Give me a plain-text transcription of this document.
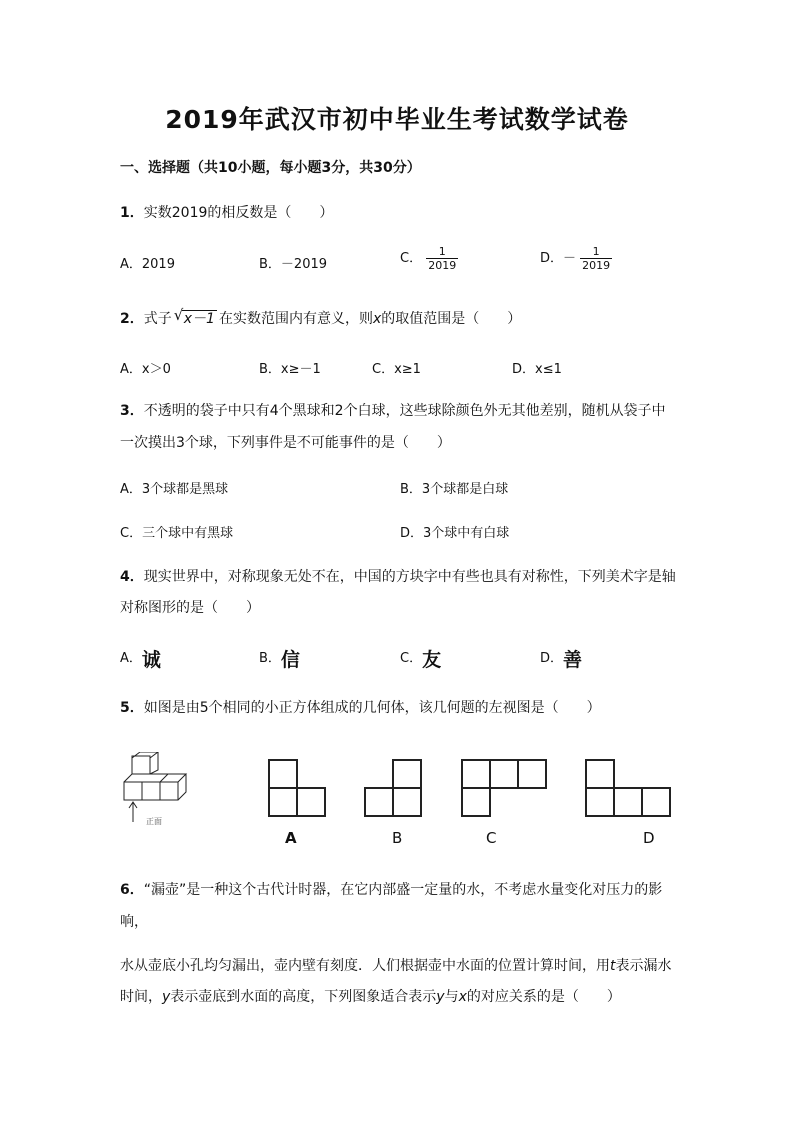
2019年武汉市初中毕业生考试数学试卷
一、选择题（共10小题，每小题3分，共30分）
1．实数2019的相反数是（　　）
A．2019	B．－2019	C． $\frac{1}{2019}$	D．－ $\frac{1}{2019}$
2．式子 √ x－1 在实数范围内有意义，则x的取值范围是（　　）
A．x＞0	B．x≥－1	C．x≥1	D．x≤1
3．不透明的袋子中只有4个黑球和2个白球，这些球除颜色外无其他差别，随机从袋子中
一次摸出3个球，下列事件是不可能事件的是（　　）
A．3个球都是黑球	B．3个球都是白球
C．三个球中有黑球	D．3个球中有白球
4．现实世界中，对称现象无处不在，中国的方块字中有些也具有对称性，下列美术字是轴
对称图形的是（　　）
A．诚	B．信	C．友	D．善
5．如图是由5个相同的小正方体组成的几何体，该几何题的左视图是（　　）
正面
A	B	C	D
6．“漏壶”是一种这个古代计时器，在它内部盛一定量的水，不考虑水量变化对压力的影
响，
水从壶底小孔均匀漏出，壶内壁有刻度．人们根据壶中水面的位置计算时间，用t表示漏水
时间，y表示壶底到水面的高度，下列图象适合表示y与x的对应关系的是（　　）
